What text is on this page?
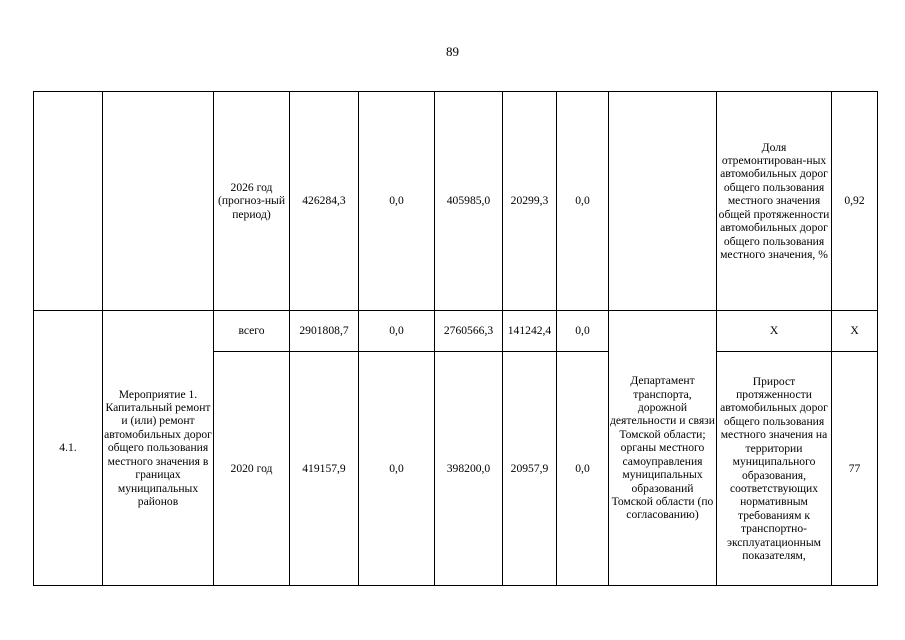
89
		2026 год (прогноз-ный период)	426284,3	0,0	405985,0	20299,3	0,0		Доля отремонтирован-ных автомобильных дорог общего пользования местного значения общей протяженности автомобильных дорог общего пользования местного значения, %	0,92
4.1.	Мероприятие 1. Капитальный ремонт и (или) ремонт автомобильных дорог общего пользования местного значения в границах муниципальных районов	всего	2901808,7	0,0	2760566,3	141242,4	0,0	Департамент транспорта, дорожной деятельности и связи Томской области; органы местного самоуправления муниципальных образований Томской области (по согласованию)	Х	Х
		2020 год	419157,9	0,0	398200,0	20957,9	0,0		Прирост протяженности автомобильных дорог общего пользования местного значения на территории муниципального образования, соответствующих нормативным требованиям к транспортно-эксплуатационным показателям,	77
